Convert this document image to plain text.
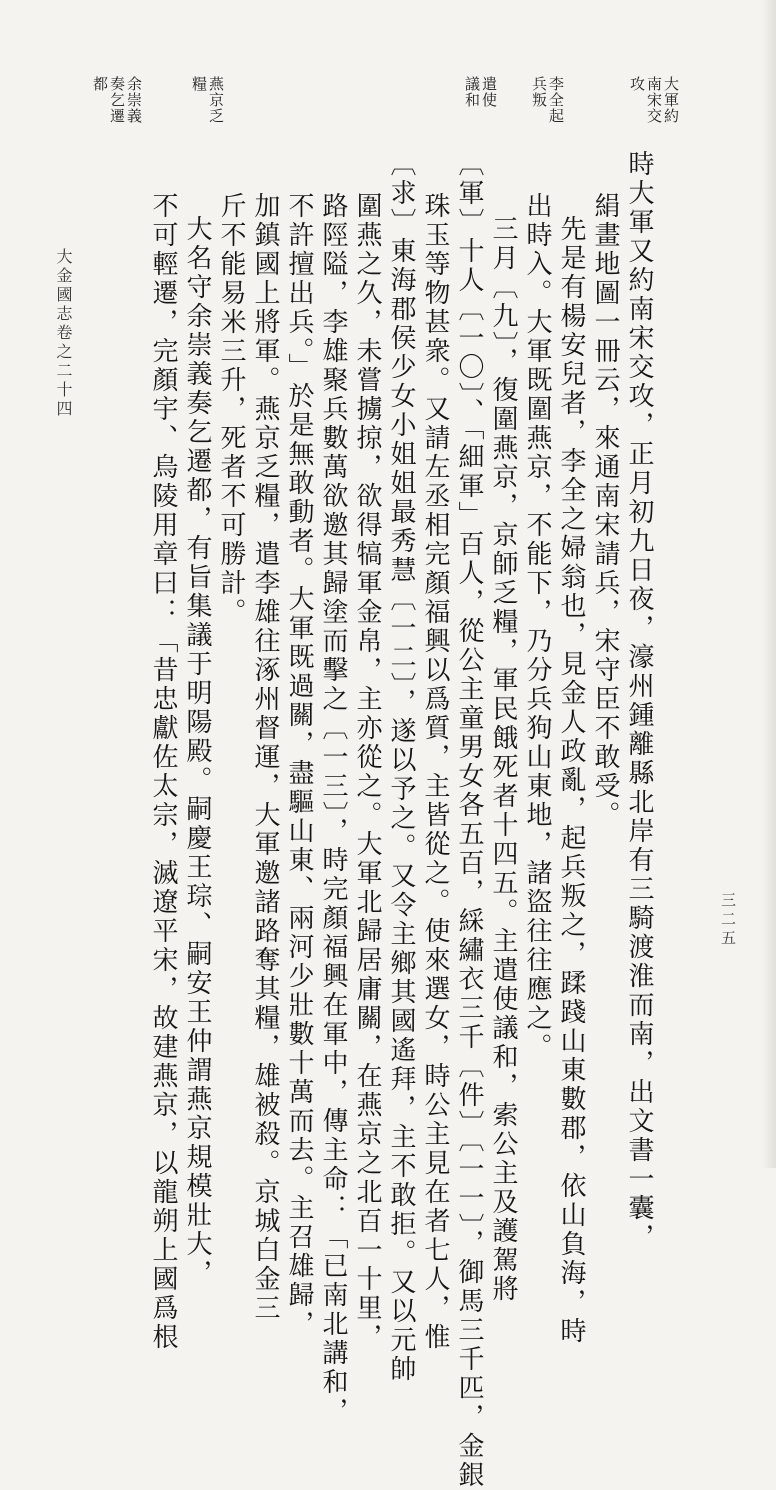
大軍約
南宋交
攻
李全起
兵叛
遣使
議和
燕京乏
糧
余崇義
奏乞遷
都
時大軍又約南宋交攻，正月初九日夜，濠州鍾離縣北岸有三騎渡淮而南，出文書一囊，
絹畫地圖一冊云，來通南宋請兵，宋守臣不敢受。
先是有楊安兒者，李全之婦翁也，見金人政亂，起兵叛之，蹂踐山東數郡，依山負海，時
出時入。大軍既圍燕京，不能下，乃分兵狗山東地，諸盜往往應之。
三月〔九〕，復圍燕京，京師乏糧，軍民餓死者十四五。主遣使議和，索公主及護駕將
〔軍〕十人〔一〇〕、「細軍」百人，從公主童男女各五百，綵繡衣三千〔件〕〔一一〕，御馬三千匹，金銀
珠玉等物甚衆。又請左丞相完顏福興以爲質，主皆從之。使來選女，時公主見在者七人，惟
〔求〕東海郡侯少女小姐姐最秀慧〔一二〕，遂以予之。又令主鄉其國遙拜，主不敢拒。又以元帥
圍燕之久，未嘗擄掠，欲得犒軍金帛，主亦從之。大軍北歸居庸關，在燕京之北百一十里，
路陘隘，李雄聚兵數萬欲邀其歸塗而擊之〔一三〕，時完顏福興在軍中，傳主命：「已南北講和，
不許擅出兵。」於是無敢動者。大軍既過關，盡驅山東、兩河少壯數十萬而去。主召雄歸，
加鎮國上將軍。燕京乏糧，遣李雄往涿州督運，大軍邀諸路奪其糧，雄被殺。京城白金三
斤不能易米三升，死者不可勝計。
大名守余崇義奏乞遷都，有旨集議于明陽殿。嗣慶王琮、嗣安王仲謂燕京規模壯大，
不可輕遷，完顏宇、烏陵用章曰：「昔忠獻佐太宗，滅遼平宋，故建燕京，以龍朔上國爲根
大金國志卷之二十四
三二五
